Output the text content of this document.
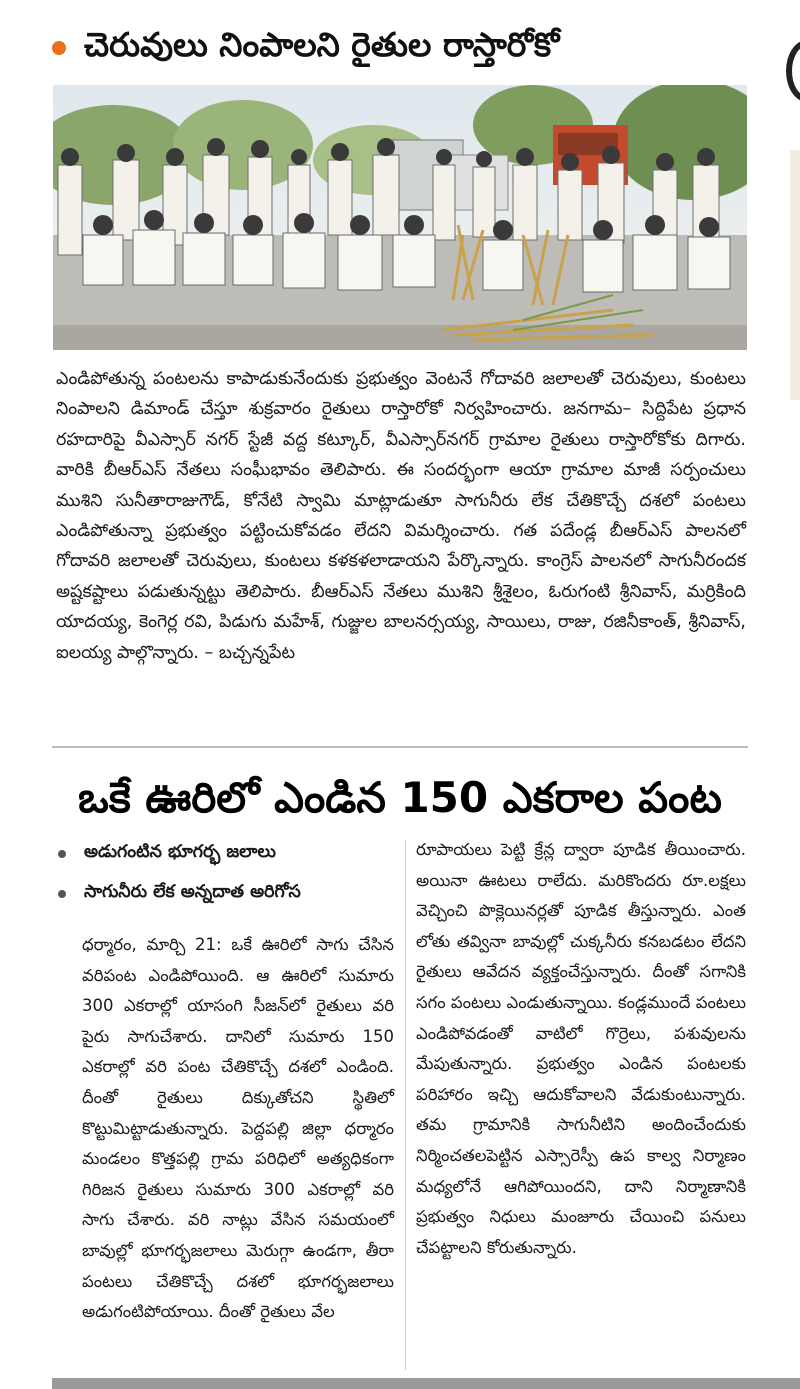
చెరువులు నింపాలని రైతుల రాస్తారోకో
ఎండిపోతున్న పంటలను కాపాడుకునేందుకు ప్రభుత్వం వెంటనే గోదావరి జలాలతో చెరువులు, కుంటలు నింపాలని డిమాండ్ చేస్తూ శుక్రవారం రైతులు రాస్తారోకో నిర్వహించారు. జనగామ– సిద్దిపేట ప్రధాన రహదారిపై వీఎస్సార్ నగర్ స్టేజీ వద్ద కట్కూర్, వీఎస్సార్‌నగర్ గ్రామాల రైతులు రాస్తారోకోకు దిగారు. వారికి బీఆర్ఎస్ నేతలు సంఘీభావం తెలిపారు. ఈ సందర్భంగా ఆయా గ్రామాల మాజీ సర్పంచులు ముశిని సునీతారాజుగౌడ్, కోనేటి స్వామి మాట్లాడుతూ సాగునీరు లేక చేతికొచ్చే దశలో పంటలు ఎండిపోతున్నా ప్రభుత్వం పట్టించుకోవడం లేదని విమర్శించారు. గత పదేండ్ల బీఆర్ఎస్ పాలనలో గోదావరి జలాలతో చెరువులు, కుంటలు కళకళలాడాయని పేర్కొన్నారు. కాంగ్రెస్ పాలనలో సాగునీరందక అష్టకష్టాలు పడుతున్నట్టు తెలిపారు. బీఆర్ఎస్ నేతలు ముశిని శ్రీశైలం, ఓరుగంటి శ్రీనివాస్, మర్రికింది యాదయ్య, కెంగెర్ల రవి, పిడుగు మహేశ్, గుజ్జుల బాలనర్సయ్య, సాయిలు, రాజు, రజినీకాంత్, శ్రీనివాస్, ఐలయ్య పాల్గొన్నారు. – బచ్చన్నపేట
ఒకే ఊరిలో ఎండిన 150 ఎకరాల పంట
అడుగంటిన భూగర్భ జలాలు
సాగునీరు లేక అన్నదాత అరిగోస
ధర్మారం, మార్చి 21: ఒకే ఊరిలో సాగు చేసిన వరిపంట ఎండిపోయింది. ఆ ఊరిలో సుమారు 300 ఎకరాల్లో యాసంగి సీజన్‌లో రైతులు వరి పైరు సాగుచేశారు. దానిలో సుమారు 150 ఎకరాల్లో వరి పంట చేతికొచ్చే దశలో ఎండింది. దీంతో రైతులు దిక్కుతోచని స్థితిలో కొట్టుమిట్టాడుతున్నారు. పెద్దపల్లి జిల్లా ధర్మారం మండలం కొత్తపల్లి గ్రామ పరిధిలో అత్యధికంగా గిరిజన రైతులు సుమారు 300 ఎకరాల్లో వరి సాగు చేశారు. వరి నాట్లు వేసిన సమయంలో బావుల్లో భూగర్భజలాలు మెరుగ్గా ఉండగా, తీరా పంటలు చేతికొచ్చే దశలో భూగర్భజలాలు అడుగంటిపోయాయి. దీంతో రైతులు వేల
రూపాయలు పెట్టి క్రేన్ల ద్వారా పూడిక తీయించారు. అయినా ఊటలు రాలేదు. మరికొందరు రూ.లక్షలు వెచ్చించి పొక్లెయినర్లతో పూడిక తీస్తున్నారు. ఎంత లోతు తవ్వినా బావుల్లో చుక్కనీరు కనబడటం లేదని రైతులు ఆవేదన వ్యక్తంచేస్తున్నారు. దీంతో సగానికి సగం పంటలు ఎండుతున్నాయి. కండ్లముందే పంటలు ఎండిపోవడంతో వాటిలో గొర్రెలు, పశువులను మేపుతున్నారు. ప్రభుత్వం ఎండిన పంటలకు పరిహారం ఇచ్చి ఆదుకోవాలని వేడుకుంటున్నారు. తమ గ్రామానికి సాగునీటిని అందించేందుకు నిర్మించతలపెట్టిన ఎస్సారెస్పీ ఉప కాల్వ నిర్మాణం మధ్యలోనే ఆగిపోయిందని, దాని నిర్మాణానికి ప్రభుత్వం నిధులు మంజూరు చేయించి పనులు చేపట్టాలని కోరుతున్నారు.
